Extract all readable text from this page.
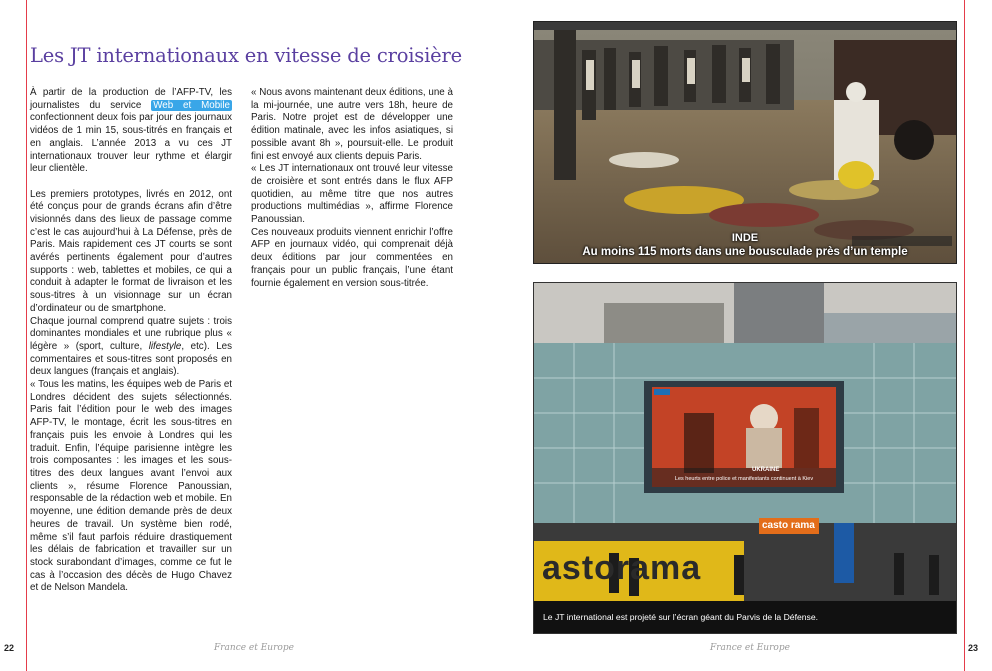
Les JT internationaux en vitesse de croisière

À partir de la production de l’AFP-TV, les journalistes du service Web et Mobile confectionnent deux fois par jour des journaux vidéos de 1 min 15, sous-titrés en français et en anglais. L’année 2013 a vu ces JT internationaux trouver leur rythme et élargir leur clientèle.

Les premiers prototypes, livrés en 2012, ont été conçus pour de grands écrans afin d’être visionnés dans des lieux de passage comme c’est le cas aujourd’hui à La Défense, près de Paris. Mais rapidement ces JT courts se sont avérés pertinents également pour d’autres supports : web, tablettes et mobiles, ce qui a conduit à adapter le format de livraison et les sous-titres à un visionnage sur un écran d’ordinateur ou de smartphone.

Chaque journal comprend quatre sujets : trois dominantes mondiales et une rubrique plus « légère » (sport, culture, lifestyle, etc). Les commentaires et sous-titres sont proposés en deux langues (français et anglais).

« Tous les matins, les équipes web de Paris et Londres décident des sujets sélectionnés. Paris fait l’édition pour le web des images AFP-TV, le montage, écrit les sous-titres en français puis les envoie à Londres qui les traduit. Enfin, l’équipe parisienne intègre les trois composantes : les images et les sous-titres des deux langues avant l’envoi aux clients », résume Florence Panoussian, responsable de la rédaction web et mobile. En moyenne, une édition demande près de deux heures de travail. Un système bien rodé, même s’il faut parfois réduire drastiquement les délais de fabrication et travailler sur un stock surabondant d’images, comme ce fut le cas à l’occasion des décès de Hugo Chavez et de Nelson Mandela.

« Nous avons maintenant deux éditions, une à la mi-journée, une autre vers 18h, heure de Paris. Notre projet est de développer une édition matinale, avec les infos asiatiques, si possible avant 8h », poursuit-elle. Le produit fini est envoyé aux clients depuis Paris.

« Les JT internationaux ont trouvé leur vitesse de croisière et sont entrés dans le flux AFP quotidien, au même titre que nos autres productions multimédias », affirme Florence Panoussian.

Ces nouveaux produits viennent enrichir l’offre AFP en journaux vidéo, qui comprenait déjà deux éditions par jour commentées en français pour un public français, l’une étant fournie également en version sous-titrée.

INDE
Au moins 115 morts dans une bousculade près d’un temple
UKRAINE
Les heurts entre police et manifestants continuent à Kiev
casto rama
astorama
Le JT international est projeté sur l’écran géant du Parvis de la Défense.
22	France et Europe	France et Europe	23
